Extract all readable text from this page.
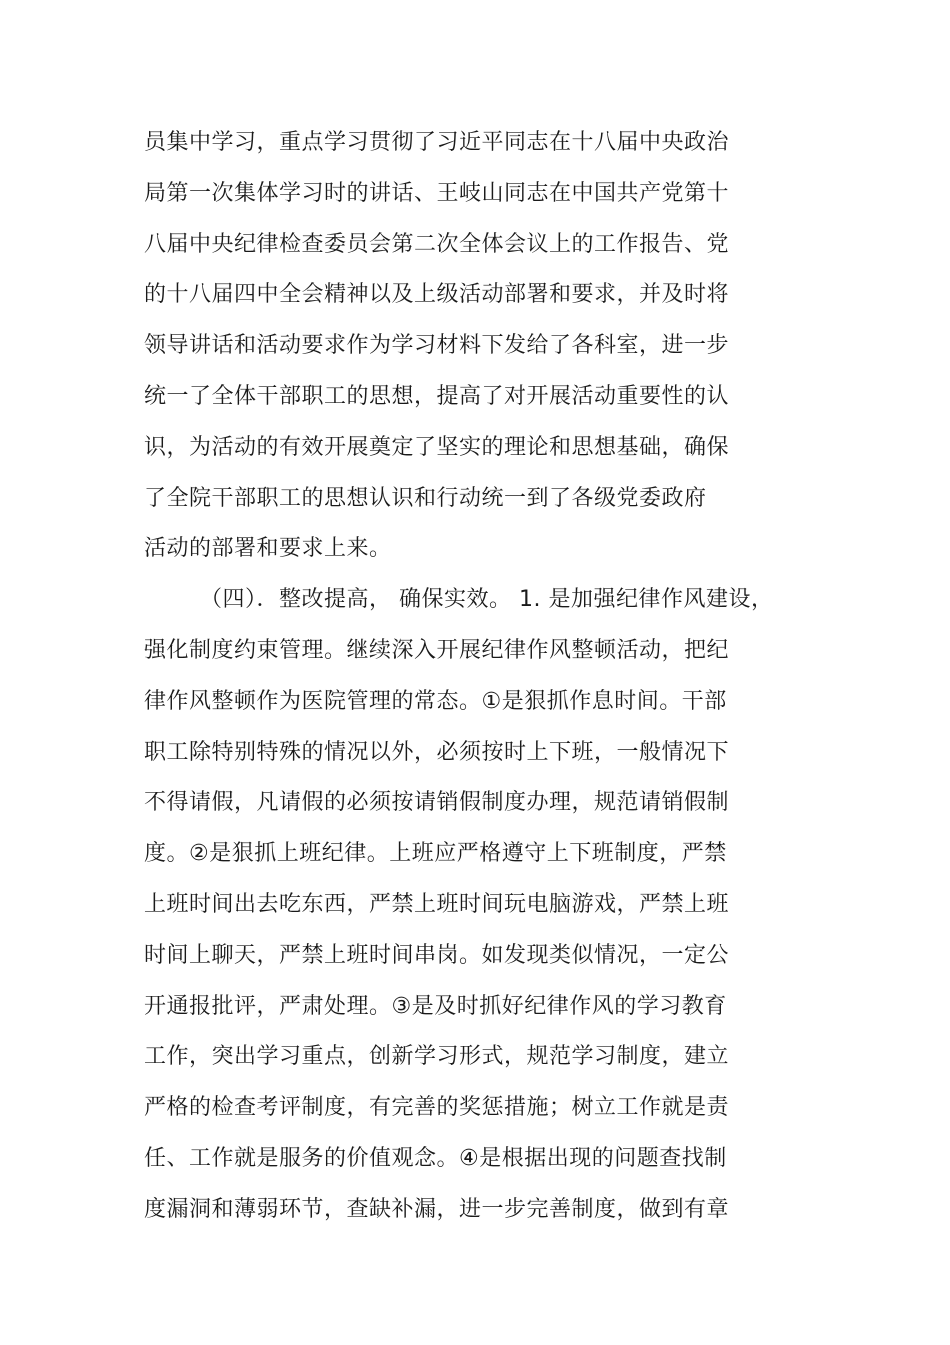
员集中学习，重点学习贯彻了习近平同志在十八届中央政治
局第一次集体学习时的讲话、王岐山同志在中国共产党第十
八届中央纪律检查委员会第二次全体会议上的工作报告、党
的十八届四中全会精神以及上级活动部署和要求，并及时将
领导讲话和活动要求作为学习材料下发给了各科室，进一步
统一了全体干部职工的思想，提高了对开展活动重要性的认
识，为活动的有效开展奠定了坚实的理论和思想基础，确保
了全院干部职工的思想认识和行动统一到了各级党委政府
活动的部署和要求上来。
（四）．整改提高， 确保实效。 1. 是加强纪律作风建设，
强化制度约束管理。继续深入开展纪律作风整顿活动，把纪
律作风整顿作为医院管理的常态。①是狠抓作息时间。干部
职工除特别特殊的情况以外，必须按时上下班，一般情况下
不得请假，凡请假的必须按请销假制度办理，规范请销假制
度。②是狠抓上班纪律。上班应严格遵守上下班制度，严禁
上班时间出去吃东西，严禁上班时间玩电脑游戏，严禁上班
时间上聊天，严禁上班时间串岗。如发现类似情况，一定公
开通报批评，严肃处理。③是及时抓好纪律作风的学习教育
工作，突出学习重点，创新学习形式，规范学习制度，建立
严格的检查考评制度，有完善的奖惩措施；树立工作就是责
任、工作就是服务的价值观念。④是根据出现的问题查找制
度漏洞和薄弱环节，查缺补漏，进一步完善制度，做到有章
